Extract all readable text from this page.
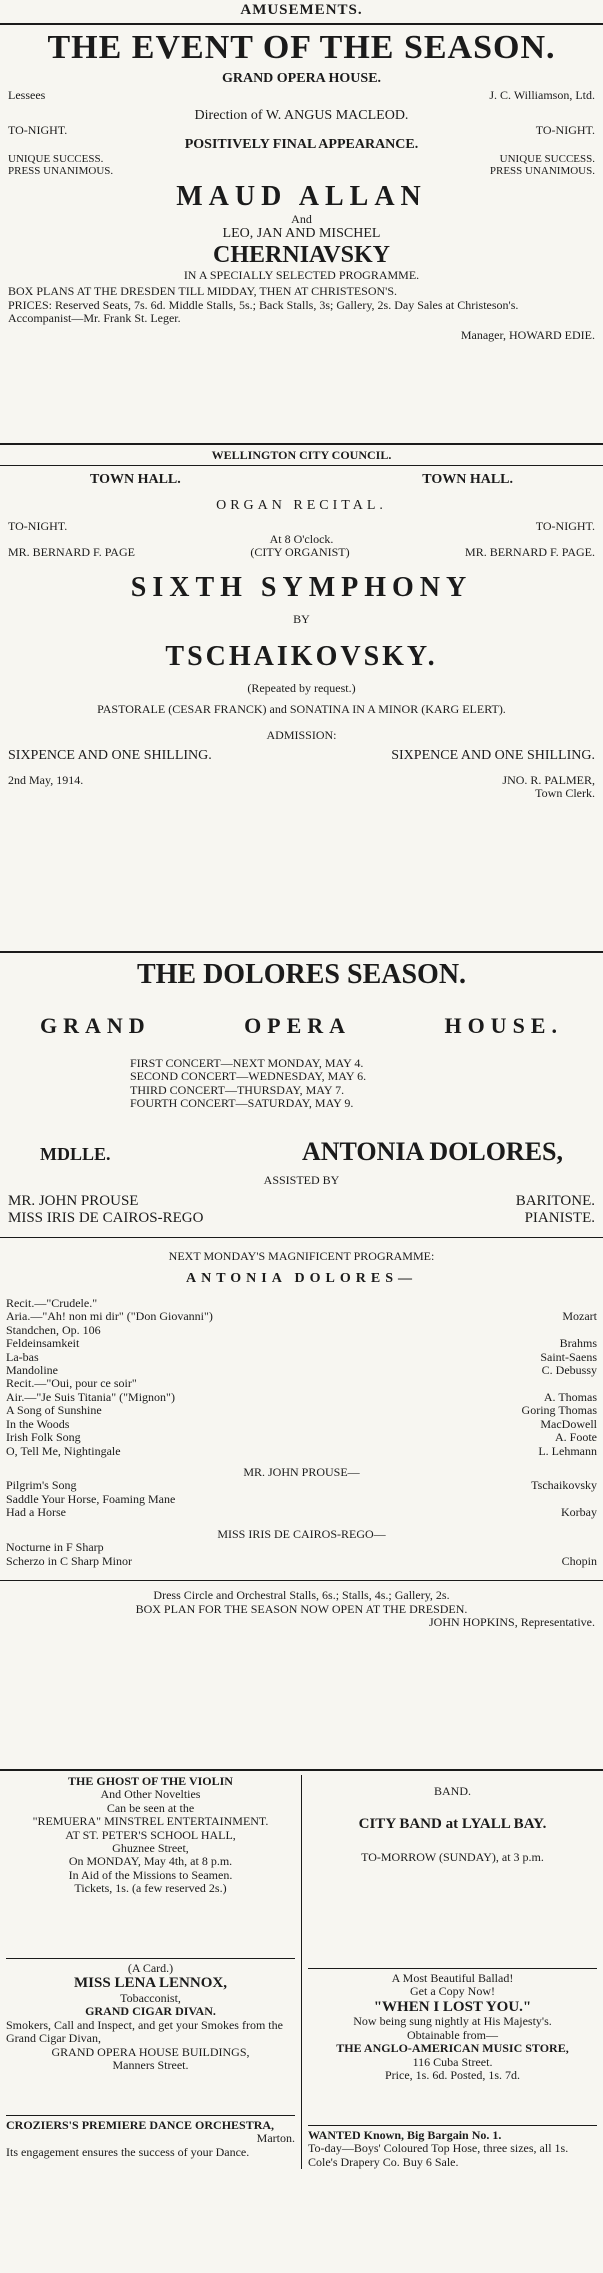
AMUSEMENTS.
THE EVENT OF THE SEASON.
GRAND OPERA HOUSE.
Lessees	J. C. Williamson, Ltd.
Direction of W. ANGUS MACLEOD.
TO-NIGHT.	TO-NIGHT.
POSITIVELY FINAL APPEARANCE.
UNIQUE SUCCESS.
PRESS UNANIMOUS.
UNIQUE SUCCESS.
PRESS UNANIMOUS.
MAUD ALLAN
And
LEO, JAN AND MISCHEL
CHERNIAVSKY
IN A SPECIALLY SELECTED PROGRAMME.
BOX PLANS AT THE DRESDEN TILL MIDDAY, THEN AT CHRISTESON'S.
PRICES: Reserved Seats, 7s. 6d. Middle Stalls, 5s.; Back Stalls, 3s; Gallery, 2s. Day Sales at Christeson's.
Accompanist—Mr. Frank St. Leger.
Manager, HOWARD EDIE.
WELLINGTON CITY COUNCIL.
TOWN HALL.	TOWN HALL.
ORGAN RECITAL.
TO-NIGHT.	TO-NIGHT.
At 8 O'clock.
MR. BERNARD F. PAGE	(CITY ORGANIST)	MR. BERNARD F. PAGE.
SIXTH SYMPHONY
BY
TSCHAIKOVSKY.
(Repeated by request.)
PASTORALE (CESAR FRANCK) and SONATINA IN A MINOR (KARG ELERT).
ADMISSION:
SIXPENCE AND ONE SHILLING.	SIXPENCE AND ONE SHILLING.
2nd May, 1914.	JNO. R. PALMER,
Town Clerk.
THE DOLORES SEASON.
GRAND	OPERA	HOUSE.
FIRST CONCERT—NEXT MONDAY, MAY 4.
SECOND CONCERT—WEDNESDAY, MAY 6.
THIRD CONCERT—THURSDAY, MAY 7.
FOURTH CONCERT—SATURDAY, MAY 9.
MDLLE.	ANTONIA DOLORES,
ASSISTED BY
MR. JOHN PROUSE	BARITONE.
MISS IRIS DE CAIROS-REGO	PIANISTE.
NEXT MONDAY'S MAGNIFICENT PROGRAMME:
ANTONIA DOLORES—
Recit.—"Crudele."
Aria.—"Ah! non mi dir" ("Don Giovanni")	Mozart
Standchen, Op. 106
Feldeinsamkeit	Brahms
La-bas	Saint-Saens
Mandoline	C. Debussy
Recit.—"Oui, pour ce soir"
Air.—"Je Suis Titania" ("Mignon")	A. Thomas
A Song of Sunshine	Goring Thomas
In the Woods	MacDowell
Irish Folk Song	A. Foote
O, Tell Me, Nightingale	L. Lehmann
MR. JOHN PROUSE—
Pilgrim's Song	Tschaikovsky
Saddle Your Horse, Foaming Mane
Had a Horse	Korbay
MISS IRIS DE CAIROS-REGO—
Nocturne in F Sharp
Scherzo in C Sharp Minor	Chopin
Dress Circle and Orchestral Stalls, 6s.; Stalls, 4s.; Gallery, 2s.
BOX PLAN FOR THE SEASON NOW OPEN AT THE DRESDEN.
JOHN HOPKINS, Representative.
THE GHOST OF THE VIOLIN
And Other Novelties
Can be seen at the
"REMUERA" MINSTREL ENTERTAINMENT.
AT ST. PETER'S SCHOOL HALL,
Ghuznee Street,
On MONDAY, May 4th, at 8 p.m.
In Aid of the Missions to Seamen.
Tickets, 1s. (a few reserved 2s.)
(A Card.)
MISS LENA LENNOX,
Tobacconist,
GRAND CIGAR DIVAN.
Smokers, Call and Inspect, and get your Smokes from the Grand Cigar Divan,
GRAND OPERA HOUSE BUILDINGS,
Manners Street.
CROZIERS'S PREMIERE DANCE ORCHESTRA,
Marton.
Its engagement ensures the success of your Dance.
BAND.
CITY BAND at LYALL BAY.
TO-MORROW (SUNDAY), at 3 p.m.
A Most Beautiful Ballad!
Get a Copy Now!
"WHEN I LOST YOU."
Now being sung nightly at His Majesty's.
Obtainable from—
THE ANGLO-AMERICAN MUSIC STORE,
116 Cuba Street.
Price, 1s. 6d. Posted, 1s. 7d.
WANTED Known, Big Bargain No. 1.
To-day—Boys' Coloured Top Hose, three sizes, all 1s. Cole's Drapery Co. Buy 6 Sale.
